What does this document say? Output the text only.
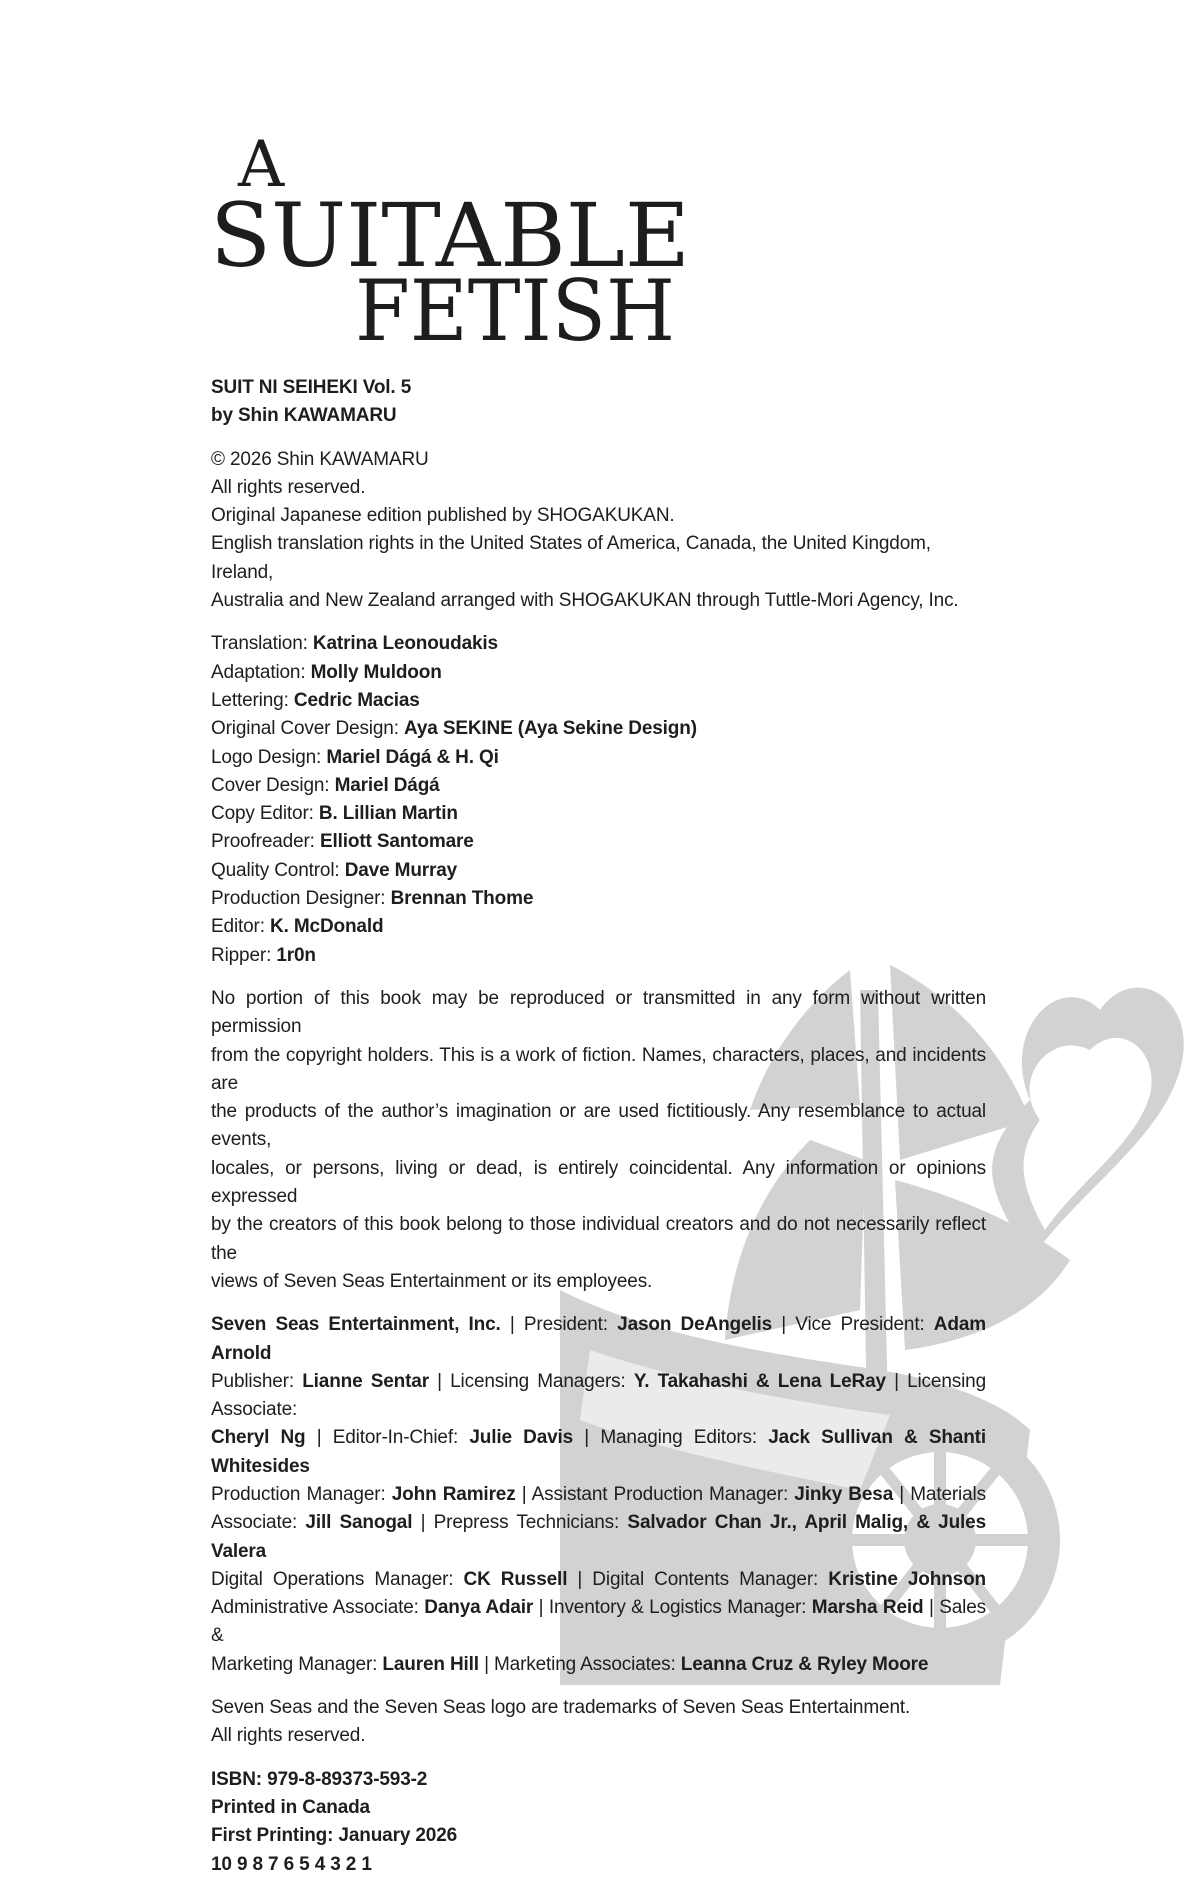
A
SUITABLE
FETISH

SUIT NI SEIHEKI Vol. 5

by Shin KAWAMARU

© 2026 Shin KAWAMARU

All rights reserved.

Original Japanese edition published by SHOGAKUKAN.

English translation rights in the United States of America, Canada, the United Kingdom, Ireland,

Australia and New Zealand arranged with SHOGAKUKAN through Tuttle-Mori Agency, Inc.

Translation: Katrina Leonoudakis

Adaptation: Molly Muldoon

Lettering: Cedric Macias

Original Cover Design: Aya SEKINE (Aya Sekine Design)

Logo Design: Mariel Dágá & H. Qi

Cover Design: Mariel Dágá

Copy Editor: B. Lillian Martin

Proofreader: Elliott Santomare

Quality Control: Dave Murray

Production Designer: Brennan Thome

Editor: K. McDonald

Ripper: 1r0n

No portion of this book may be reproduced or transmitted in any form without written permission

from the copyright holders. This is a work of fiction. Names, characters, places, and incidents are

the products of the author’s imagination or are used fictitiously. Any resemblance to actual events,

locales, or persons, living or dead, is entirely coincidental. Any information or opinions expressed

by the creators of this book belong to those individual creators and do not necessarily reflect the

views of Seven Seas Entertainment or its employees.

Seven Seas Entertainment, Inc. | President: Jason DeAngelis | Vice President: Adam Arnold

Publisher: Lianne Sentar | Licensing Managers: Y. Takahashi & Lena LeRay | Licensing Associate:

Cheryl Ng | Editor-In-Chief: Julie Davis | Managing Editors: Jack Sullivan & Shanti Whitesides

Production Manager: John Ramirez | Assistant Production Manager: Jinky Besa | Materials

Associate: Jill Sanogal | Prepress Technicians: Salvador Chan Jr., April Malig, & Jules Valera

Digital Operations Manager: CK Russell | Digital Contents Manager: Kristine Johnson

Administrative Associate: Danya Adair | Inventory & Logistics Manager: Marsha Reid | Sales &

Marketing Manager: Lauren Hill | Marketing Associates: Leanna Cruz & Ryley Moore

Seven Seas and the Seven Seas logo are trademarks of Seven Seas Entertainment.

All rights reserved.

ISBN: 979-8-89373-593-2

Printed in Canada

First Printing: January 2026

10 9 8 7 6 5 4 3 2 1
